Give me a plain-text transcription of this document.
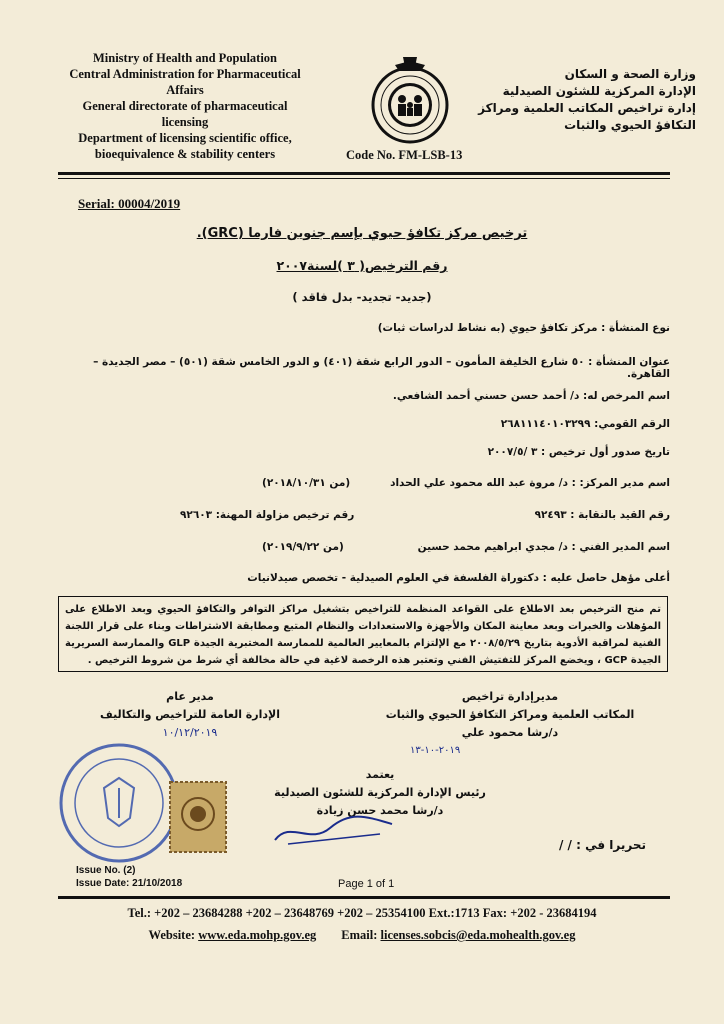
Ministry of Health and Population
Central Administration for Pharmaceutical
Affairs
General directorate of pharmaceutical
licensing
Department of licensing scientific office,
bioequivalence & stability centers	Code No. FM-LSB-13
وزارة الصحة و السكان
الإدارة المركزية للشئون الصيدلية
إدارة تراخيص المكاتب العلمية ومراكز
التكافؤ الحيوي والثبات
Serial: 00004/2019
ترخيص مركز تكافؤ حيوي بإسم جنوين فارما (GRC).
رقم الترخيص( ٣ )لسنة٢٠٠٧
(جديد- تجديد- بدل فاقد )
نوع المنشأة : مركز تكافؤ حيوي (به نشاط لدراسات ثبات)
عنوان المنشأة : ٥٠ شارع الخليفة المأمون – الدور الرابع شقة (٤٠١) و الدور الخامس شقة (٥٠١) – مصر الجديدة – القاهرة.
اسم المرخص له: د/ أحمد حسن حسني أحمد الشافعي.
الرقم القومي: ٢٦٨١١١٤٠١٠٣٢٩٩
تاريخ صدور أول ترخيص : ٣ /٢٠٠٧/٥
اسم مدير المركز: : د/ مروة عبد الله محمود علي الحداد
(من ٢٠١٨/١٠/٣١)
رقم القيد بالنقابة : ٩٢٤٩٣
رقم ترخيص مزاولة المهنة: ٩٢٦٠٣
اسم المدير الفني : د/ مجدي ابراهيم محمد حسين
(من ٢٠١٩/٩/٢٢)
أعلى مؤهل حاصل عليه : دكتوراة الفلسفة في العلوم الصيدلية - تخصص صيدلانيات
تم منح الترخيص بعد الاطلاع على القواعد المنظمة للتراخيص بتشغيل مراكز التوافر والتكافؤ الحيوي وبعد الاطلاع على المؤهلات والخبرات وبعد معاينة المكان والأجهزة والاستعدادات والنظام المتبع ومطابقة الاشتراطات وبناء على قرار اللجنة الفنية لمراقبة الأدوية بتاريخ ٢٠٠٨/٥/٢٩ مع الإلتزام بالمعايير العالمية للممارسة المختبرية الجيدة GLP والممارسة السريرية الجيدة GCP ، ويخضع المركز للتفتيش الفني وتعتبر هذه الرخصة لاغية في حالة مخالفة أي شرط من شروط الترخيص .
مديرإدارة تراخيص
المكاتب العلمية ومراكز التكافؤ الحيوي والثبات
د/رشا محمود علي
٢٠١٩-١٠-١٣
مدير عام
الإدارة العامة للتراخيص والتكاليف
١٠/١٢/٢٠١٩
يعتمد
رئيس الإدارة المركزية للشئون الصيدلية
د/رشا محمد حسن زيادة
تحريرا في : / /
Issue No. (2)
Issue Date: 21/10/2018	Page 1 of 1
Tel.: +202 – 23684288 +202 – 23648769 +202 – 25354100 Ext.:1713 Fax: +202 - 23684194
Website: www.eda.mohp.gov.eg Email: licenses.sobcis@eda.mohealth.gov.eg
